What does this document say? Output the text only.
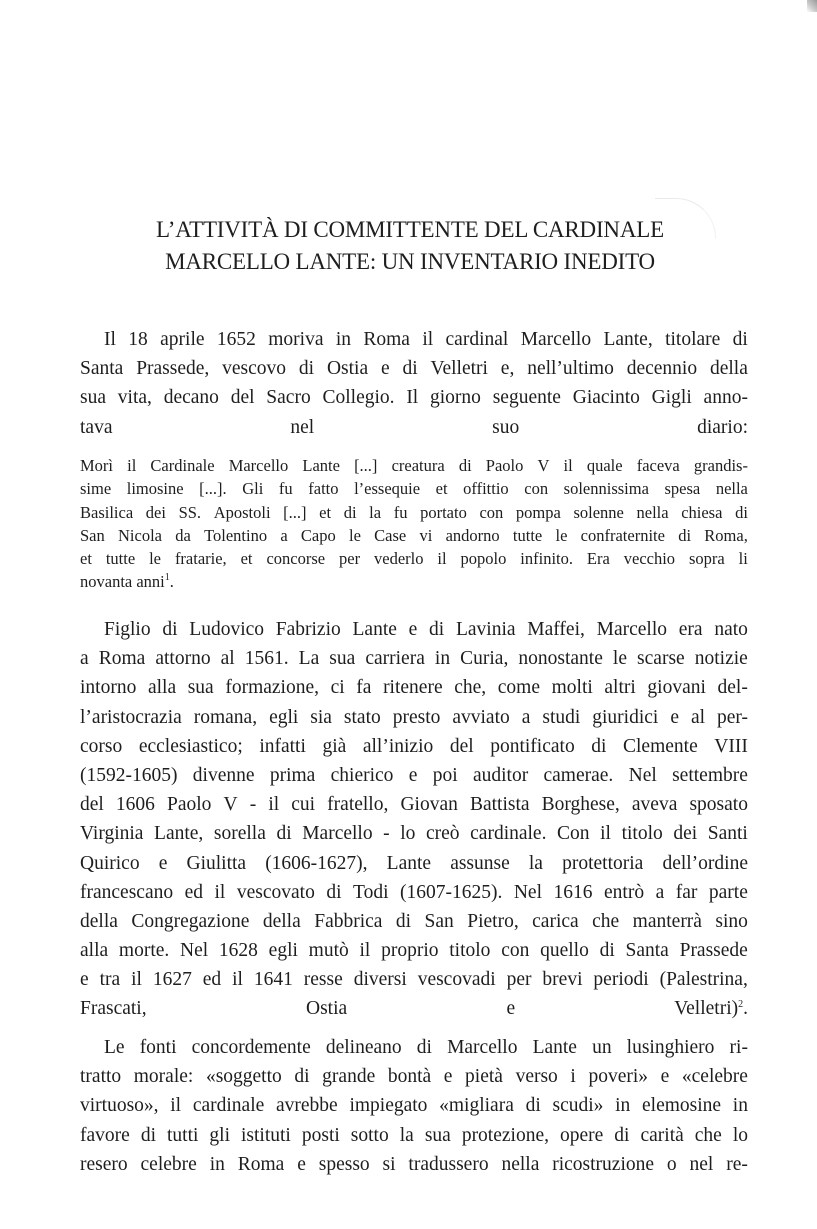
L’ATTIVITÀ DI COMMITTENTE DEL CARDINALE
MARCELLO LANTE: UN INVENTARIO INEDITO
Il 18 aprile 1652 moriva in Roma il cardinal Marcello Lante, titolare di
Santa Prassede, vescovo di Ostia e di Velletri e, nell’ultimo decennio della
sua vita, decano del Sacro Collegio. Il giorno seguente Giacinto Gigli anno-
tava nel suo diario:
Morì il Cardinale Marcello Lante [...] creatura di Paolo V il quale faceva grandis-
sime limosine [...]. Gli fu fatto l’essequie et offittio con solennissima spesa nella
Basilica dei SS. Apostoli [...] et di la fu portato con pompa solenne nella chiesa di
San Nicola da Tolentino a Capo le Case vi andorno tutte le confraternite di Roma,
et tutte le fratarie, et concorse per vederlo il popolo infinito. Era vecchio sopra li
novanta anni$^1$.
Figlio di Ludovico Fabrizio Lante e di Lavinia Maffei, Marcello era nato
a Roma attorno al 1561. La sua carriera in Curia, nonostante le scarse notizie
intorno alla sua formazione, ci fa ritenere che, come molti altri giovani del-
l’aristocrazia romana, egli sia stato presto avviato a studi giuridici e al per-
corso ecclesiastico; infatti già all’inizio del pontificato di Clemente VIII
(1592-1605) divenne prima chierico e poi auditor camerae. Nel settembre
del 1606 Paolo V - il cui fratello, Giovan Battista Borghese, aveva sposato
Virginia Lante, sorella di Marcello - lo creò cardinale. Con il titolo dei Santi
Quirico e Giulitta (1606-1627), Lante assunse la protettoria dell’ordine
francescano ed il vescovato di Todi (1607-1625). Nel 1616 entrò a far parte
della Congregazione della Fabbrica di San Pietro, carica che manterrà sino
alla morte. Nel 1628 egli mutò il proprio titolo con quello di Santa Prassede
e tra il 1627 ed il 1641 resse diversi vescovadi per brevi periodi (Palestrina,
Frascati, Ostia e Velletri)$^2$.
Le fonti concordemente delineano di Marcello Lante un lusinghiero ri-
tratto morale: «soggetto di grande bontà e pietà verso i poveri» e «celebre
virtuoso», il cardinale avrebbe impiegato «migliara di scudi» in elemosine in
favore di tutti gli istituti posti sotto la sua protezione, opere di carità che lo
resero celebre in Roma e spesso si tradussero nella ricostruzione o nel re-
